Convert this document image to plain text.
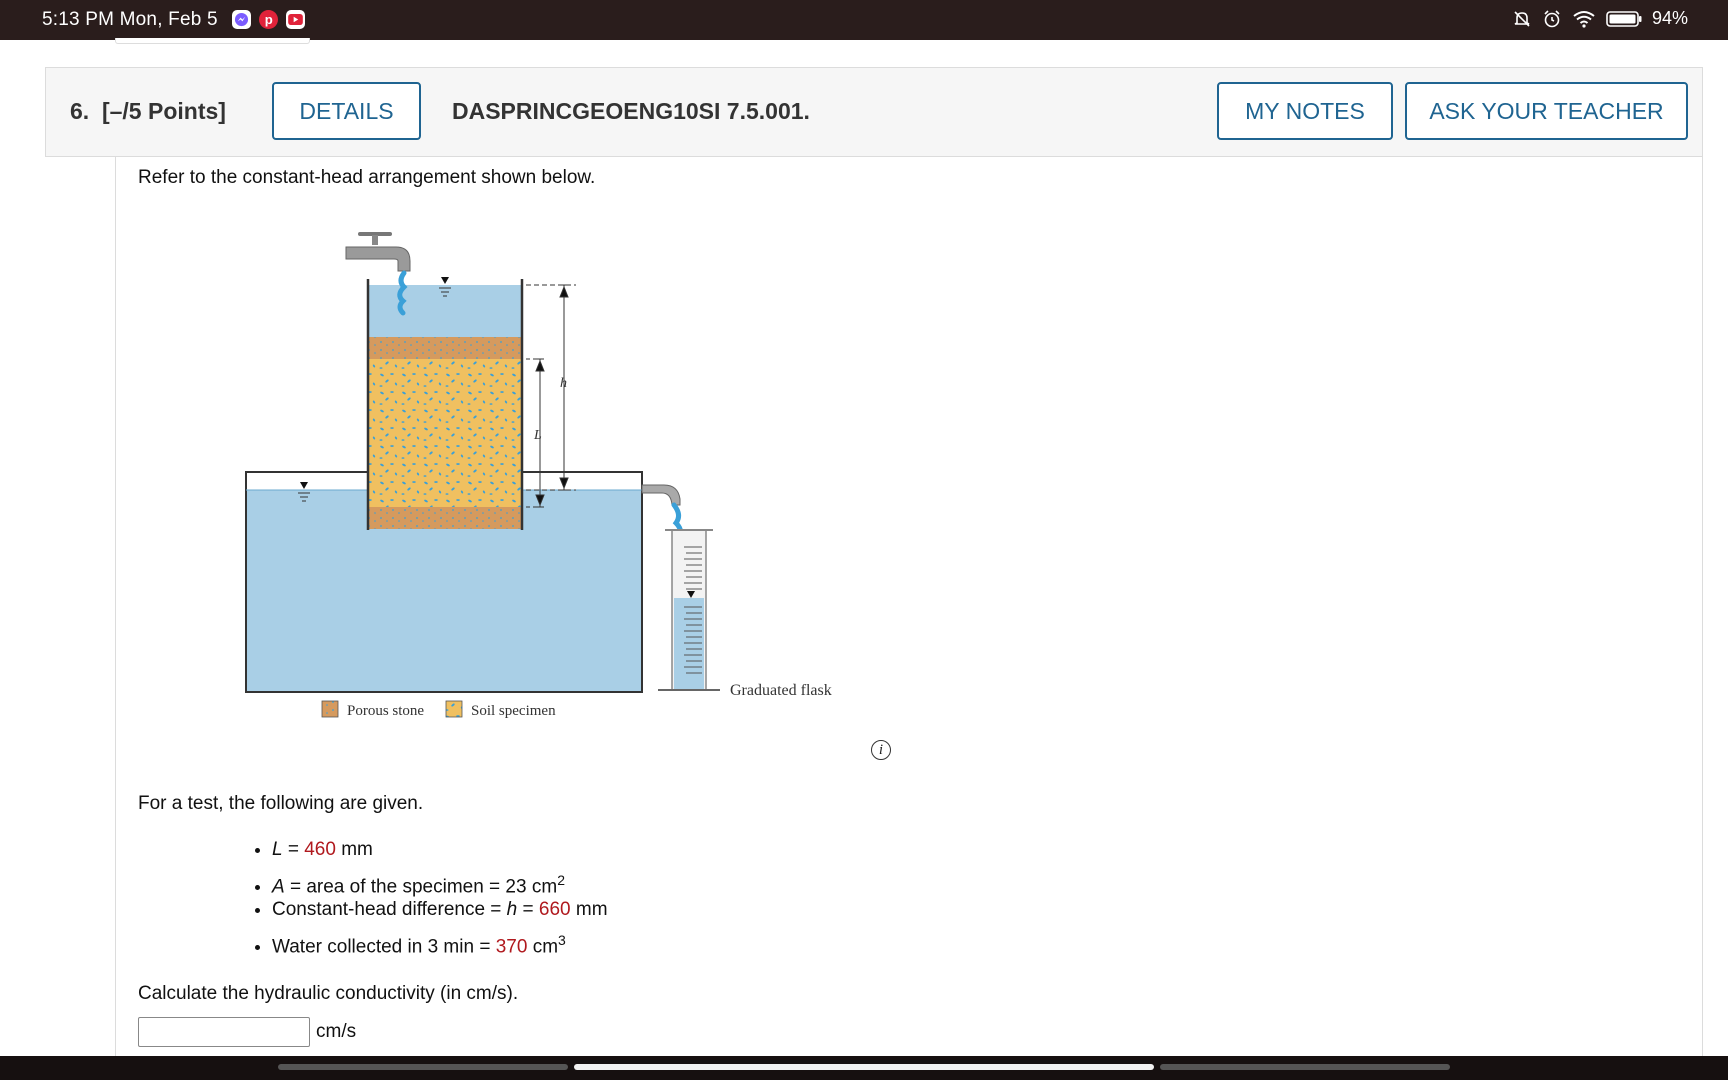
5:13 PM Mon, Feb 5	p	94%
6. [–/5 Points]	DETAILS	DASPRINCGEOENG10SI 7.5.001.	MY NOTES	ASK YOUR TEACHER
Refer to the constant-head arrangement shown below.
Graduated flask
h
L
Porous stone	Soil specimen
i
For a test, the following are given.
• L = 460 mm
• A = area of the specimen = 23 $cm^2$
• Constant-head difference = h = 660 mm
• Water collected in 3 min = 370 $cm^3$
Calculate the hydraulic conductivity (in cm/s).
cm/s
